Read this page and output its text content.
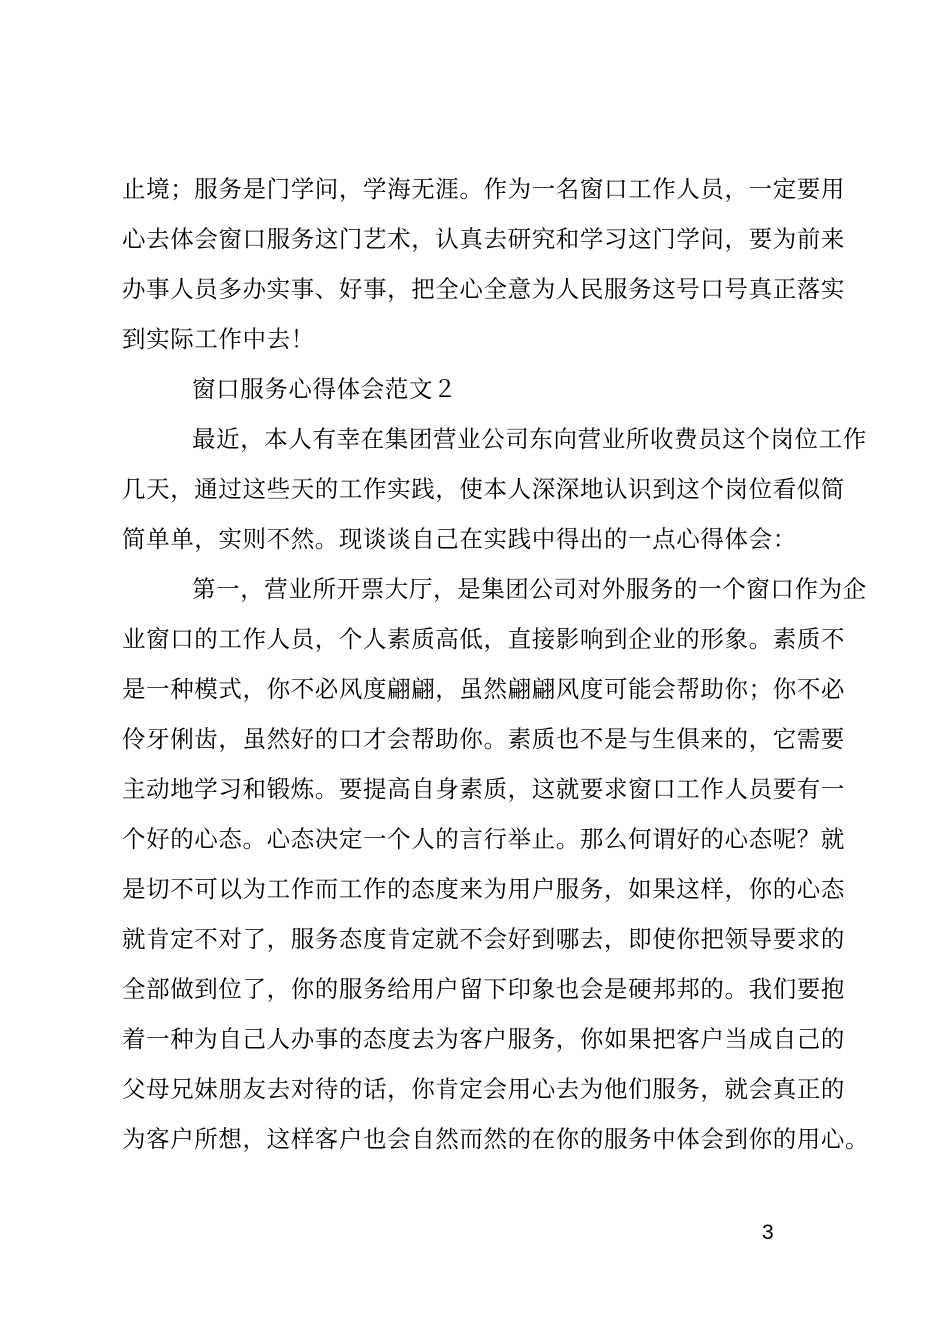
止境；服务是门学问，学海无涯。作为一名窗口工作人员，一定要用
心去体会窗口服务这门艺术，认真去研究和学习这门学问，要为前来
办事人员多办实事、好事，把全心全意为人民服务这号口号真正落实
到实际工作中去！
窗口服务心得体会范文２
最近，本人有幸在集团营业公司东向营业所收费员这个岗位工作
几天，通过这些天的工作实践，使本人深深地认识到这个岗位看似简
简单单，实则不然。现谈谈自己在实践中得出的一点心得体会：
第一，营业所开票大厅，是集团公司对外服务的一个窗口作为企
业窗口的工作人员，个人素质高低，直接影响到企业的形象。素质不
是一种模式，你不必风度翩翩，虽然翩翩风度可能会帮助你；你不必
伶牙俐齿，虽然好的口才会帮助你。素质也不是与生俱来的，它需要
主动地学习和锻炼。要提高自身素质，这就要求窗口工作人员要有一
个好的心态。心态决定一个人的言行举止。那么何谓好的心态呢？就
是切不可以为工作而工作的态度来为用户服务，如果这样，你的心态
就肯定不对了，服务态度肯定就不会好到哪去，即使你把领导要求的
全部做到位了，你的服务给用户留下印象也会是硬邦邦的。我们要抱
着一种为自己人办事的态度去为客户服务，你如果把客户当成自己的
父母兄妹朋友去对待的话，你肯定会用心去为他们服务，就会真正的
为客户所想，这样客户也会自然而然的在你的服务中体会到你的用心。
3
